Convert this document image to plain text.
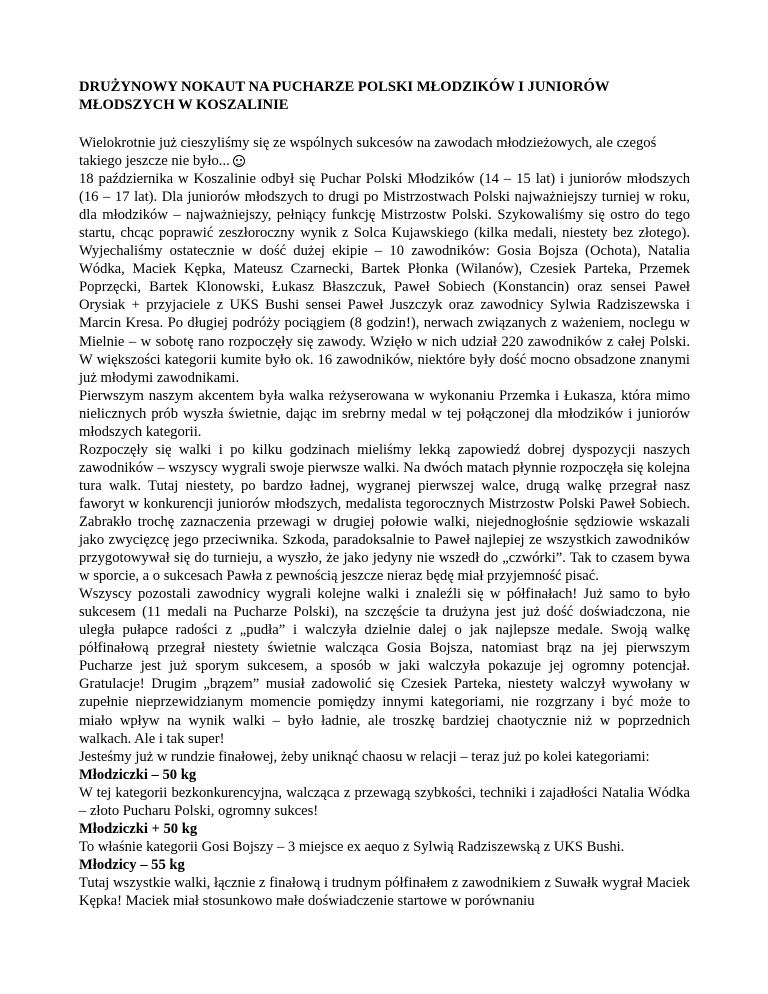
DRUŻYNOWY NOKAUT NA PUCHARZE POLSKI MŁODZIKÓW I JUNIORÓW MŁODSZYCH W KOSZALINIE

Wielokrotnie już cieszyliśmy się ze wspólnych sukcesów na zawodach młodzieżowych, ale czegoś takiego jeszcze nie było...

18 października w Koszalinie odbył się Puchar Polski Młodzików (14 – 15 lat) i juniorów młodszych (16 – 17 lat). Dla juniorów młodszych to drugi po Mistrzostwach Polski najważniejszy turniej w roku, dla młodzików – najważniejszy, pełniący funkcję Mistrzostw Polski. Szykowaliśmy się ostro do tego startu, chcąc poprawić zeszłoroczny wynik z Solca Kujawskiego (kilka medali, niestety bez złotego). Wyjechaliśmy ostatecznie w dość dużej ekipie – 10 zawodników: Gosia Bojsza (Ochota), Natalia Wódka, Maciek Kępka, Mateusz Czarnecki, Bartek Płonka (Wilanów), Czesiek Parteka, Przemek Poprzęcki, Bartek Klonowski, Łukasz Błaszczuk, Paweł Sobiech (Konstancin) oraz sensei Paweł Orysiak + przyjaciele z UKS Bushi sensei Paweł Juszczyk oraz zawodnicy Sylwia Radziszewska i Marcin Kresa. Po długiej podróży pociągiem (8 godzin!), nerwach związanych z ważeniem, noclegu w Mielnie – w sobotę rano rozpoczęły się zawody. Wzięło w nich udział 220 zawodników z całej Polski. W większości kategorii kumite było ok. 16 zawodników, niektóre były dość mocno obsadzone znanymi już młodymi zawodnikami.

Pierwszym naszym akcentem była walka reżyserowana w wykonaniu Przemka i Łukasza, która mimo nielicznych prób wyszła świetnie, dając im srebrny medal w tej połączonej dla młodzików i juniorów młodszych kategorii.

Rozpoczęły się walki i po kilku godzinach mieliśmy lekką zapowiedź dobrej dyspozycji naszych zawodników – wszyscy wygrali swoje pierwsze walki. Na dwóch matach płynnie rozpoczęła się kolejna tura walk. Tutaj niestety, po bardzo ładnej, wygranej pierwszej walce, drugą walkę przegrał nasz faworyt w konkurencji juniorów młodszych, medalista tegorocznych Mistrzostw Polski Paweł Sobiech. Zabrakło trochę zaznaczenia przewagi w drugiej połowie walki, niejednogłośnie sędziowie wskazali jako zwycięzcę jego przeciwnika. Szkoda, paradoksalnie to Paweł najlepiej ze wszystkich zawodników przygotowywał się do turnieju, a wyszło, że jako jedyny nie wszedł do „czwórki”. Tak to czasem bywa w sporcie, a o sukcesach Pawła z pewnością jeszcze nieraz będę miał przyjemność pisać.

Wszyscy pozostali zawodnicy wygrali kolejne walki i znaleźli się w półfinałach! Już samo to było sukcesem (11 medali na Pucharze Polski), na szczęście ta drużyna jest już dość doświadczona, nie uległa pułapce radości z „pudła” i walczyła dzielnie dalej o jak najlepsze medale. Swoją walkę półfinałową przegrał niestety świetnie walcząca Gosia Bojsza, natomiast brąz na jej pierwszym Pucharze jest już sporym sukcesem, a sposób w jaki walczyła pokazuje jej ogromny potencjał. Gratulacje! Drugim „brązem” musiał zadowolić się Czesiek Parteka, niestety walczył wywołany w zupełnie nieprzewidzianym momencie pomiędzy innymi kategoriami, nie rozgrzany i być może to miało wpływ na wynik walki – było ładnie, ale troszkę bardziej chaotycznie niż w poprzednich walkach. Ale i tak super!

Jesteśmy już w rundzie finałowej, żeby uniknąć chaosu w relacji – teraz już po kolei kategoriami:

Młodziczki – 50 kg

W tej kategorii bezkonkurencyjna, walcząca z przewagą szybkości, techniki i zajadłości Natalia Wódka – złoto Pucharu Polski, ogromny sukces!

Młodziczki + 50 kg

To właśnie kategorii Gosi Bojszy – 3 miejsce ex aequo z Sylwią Radziszewską z UKS Bushi.

Młodzicy – 55 kg

Tutaj wszystkie walki, łącznie z finałową i trudnym półfinałem z zawodnikiem z Suwałk wygrał Maciek Kępka! Maciek miał stosunkowo małe doświadczenie startowe w porównaniu
